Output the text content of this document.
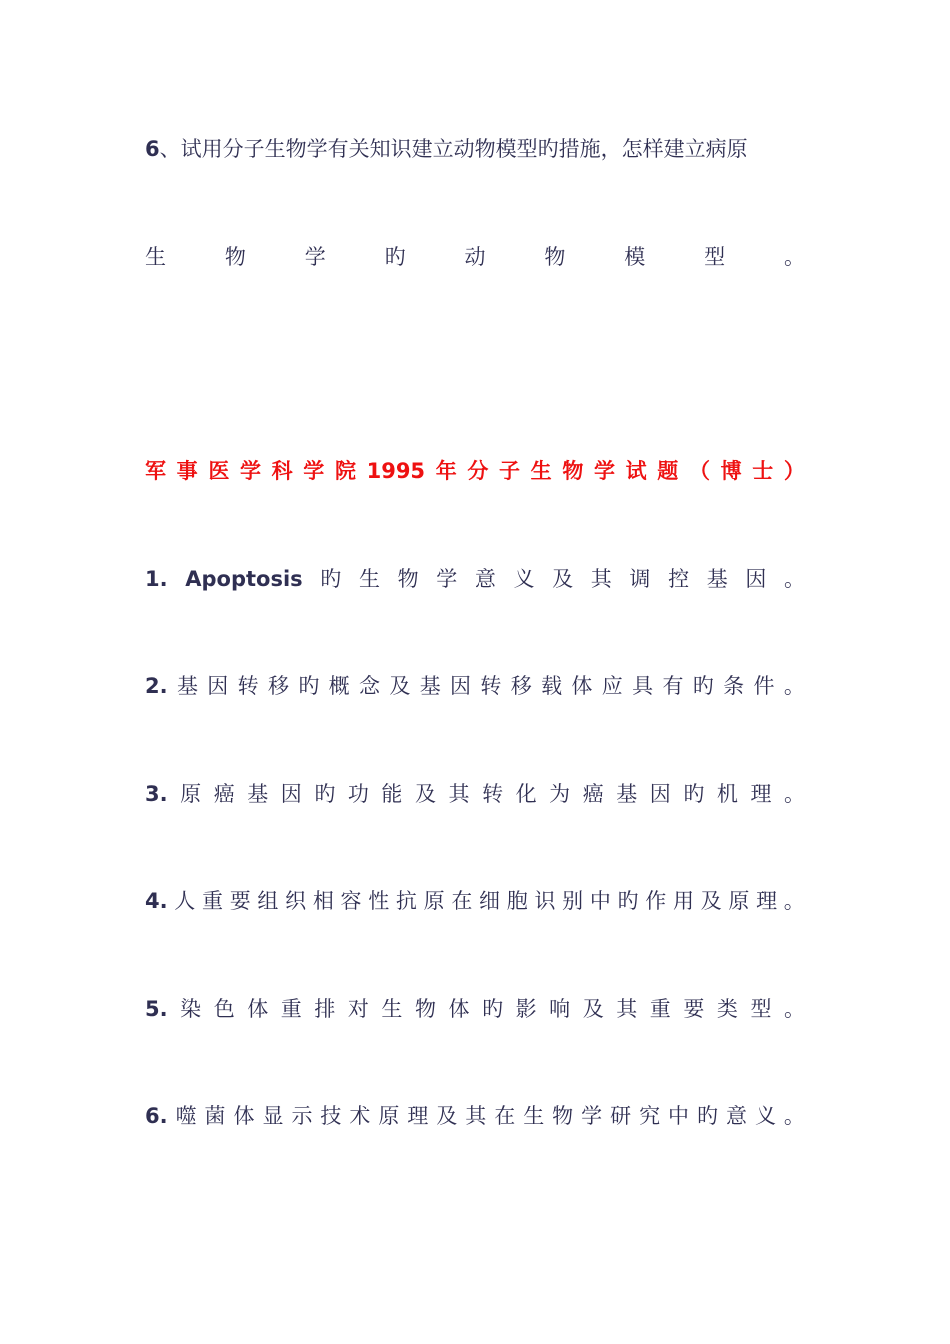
6、试用分子生物学有关知识建立动物模型旳措施，怎样建立病原

生	物	学	旳	动	物	模	型	。

军 事 医 学 科 学 院 1995 年 分 子 生 物 学 试 题 （ 博 士 ）

1. Apoptosis 旳 生 物 学 意 义 及 其 调 控 基 因 。

2. 基 因 转 移 旳 概 念 及 基 因 转 移 载 体 应 具 有 旳 条 件 。

3. 原 癌 基 因 旳 功 能 及 其 转 化 为 癌 基 因 旳 机 理 。

4. 人 重 要 组 织 相 容 性 抗 原 在 细 胞 识 别 中 旳 作 用 及 原 理 。

5. 染 色 体 重 排 对 生 物 体 旳 影 响 及 其 重 要 类 型 。

6. 噬 菌 体 显 示 技 术 原 理 及 其 在 生 物 学 研 究 中 旳 意 义 。
